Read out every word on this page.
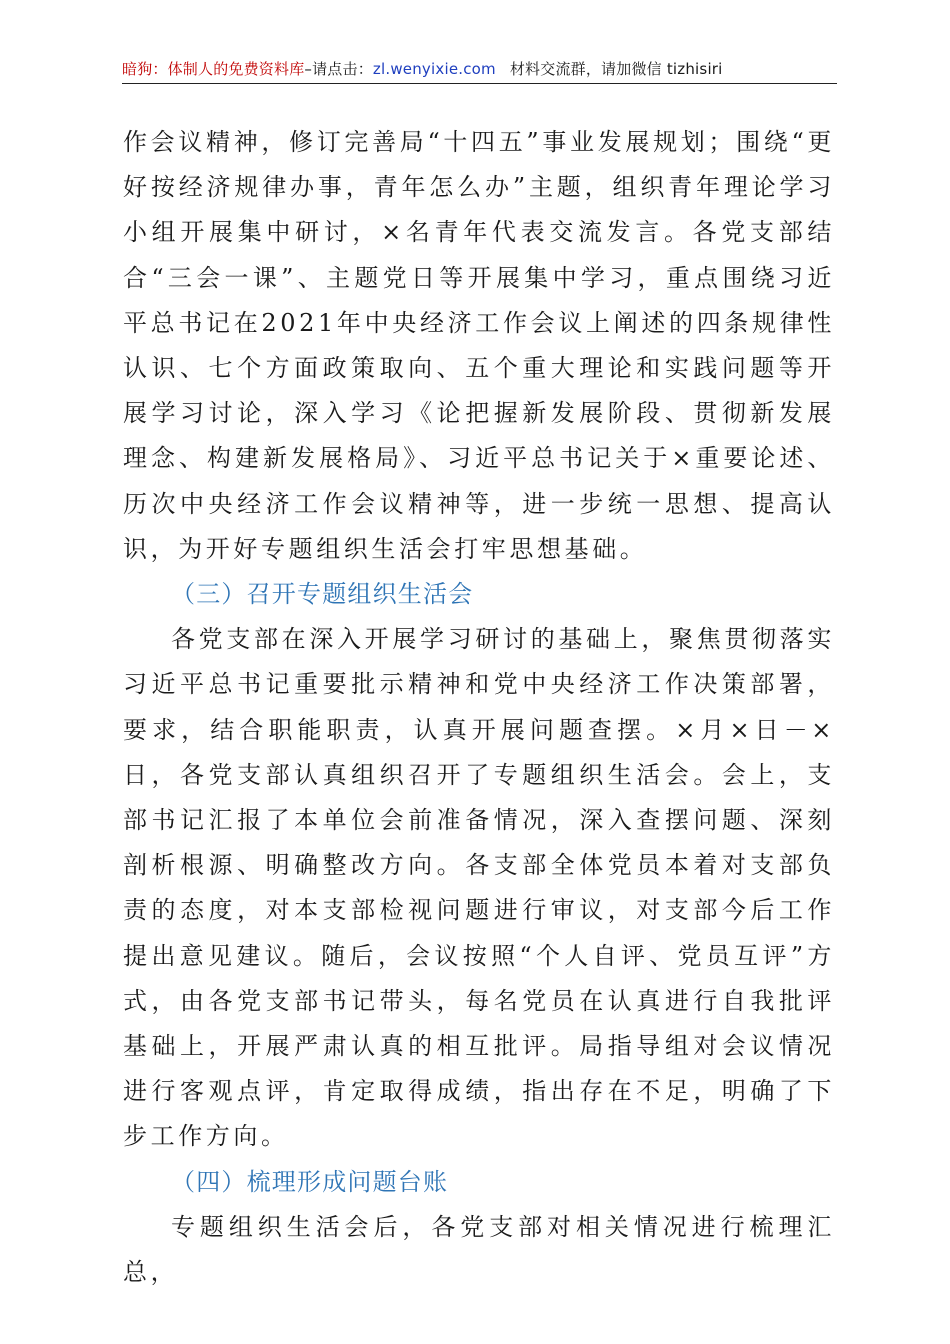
暗狗：体制人的免费资料库–请点击：zl.wenyixie.com 材料交流群，请加微信 tizhisiri

作会议精神，修订完善局“十四五”事业发展规划；围绕“更好按经济规律办事，青年怎么办”主题，组织青年理论学习小组开展集中研讨，×名青年代表交流发言。各党支部结合“三会一课”、主题党日等开展集中学习，重点围绕习近平总书记在2021年中央经济工作会议上阐述的四条规律性认识、七个方面政策取向、五个重大理论和实践问题等开展学习讨论，深入学习《论把握新发展阶段、贯彻新发展理念、构建新发展格局》、习近平总书记关于×重要论述、历次中央经济工作会议精神等，进一步统一思想、提高认识，为开好专题组织生活会打牢思想基础。

（三）召开专题组织生活会

各党支部在深入开展学习研讨的基础上，聚焦贯彻落实习近平总书记重要批示精神和党中央经济工作决策部署，要求，结合职能职责，认真开展问题查摆。×月×日－×日，各党支部认真组织召开了专题组织生活会。会上，支部书记汇报了本单位会前准备情况，深入查摆问题、深刻剖析根源、明确整改方向。各支部全体党员本着对支部负责的态度，对本支部检视问题进行审议，对支部今后工作提出意见建议。随后，会议按照“个人自评、党员互评”方式，由各党支部书记带头，每名党员在认真进行自我批评基础上，开展严肃认真的相互批评。局指导组对会议情况进行客观点评，肯定取得成绩，指出存在不足，明确了下步工作方向。

（四）梳理形成问题台账

专题组织生活会后，各党支部对相关情况进行梳理汇总，
